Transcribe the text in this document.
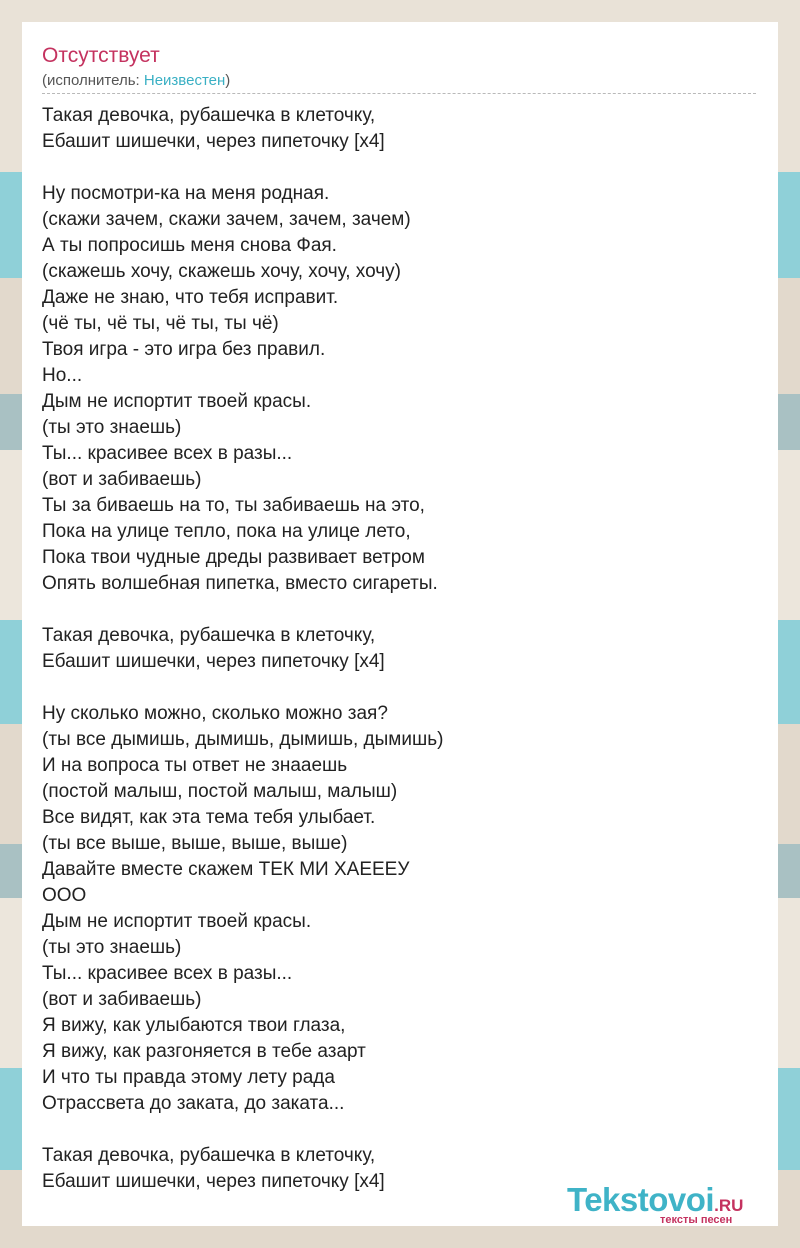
Отсутствует
(исполнитель: Неизвестен)
Такая девочка, рубашечка в клеточку,
Ебашит шишечки, через пипеточку [x4]
Ну посмотри-ка на меня родная.
(скажи зачем, скажи зачем, зачем, зачем)
А ты попросишь меня снова Фая.
(скажешь хочу, скажешь хочу, хочу, хочу)
Даже не знаю, что тебя исправит.
(чё ты, чё ты, чё ты, ты чё)
Твоя игра - это игра без правил.
Но...
Дым не испортит твоей красы.
(ты это знаешь)
Ты... красивее всех в разы...
(вот и забиваешь)
Ты за биваешь на то, ты забиваешь на это,
Пока на улице тепло, пока на улице лето,
Пока твои чудные дреды развивает ветром
Опять волшебная пипетка, вместо сигареты.
Такая девочка, рубашечка в клеточку,
Ебашит шишечки, через пипеточку [x4]
Ну сколько можно, сколько можно зая?
(ты все дымишь, дымишь, дымишь, дымишь)
И на вопроса ты ответ не знааешь
(постой малыш, постой малыш, малыш)
Все видят, как эта тема тебя улыбает.
(ты все выше, выше, выше, выше)
Давайте вместе скажем ТЕК МИ ХАЕЕЕУ
ООО
Дым не испортит твоей красы.
(ты это знаешь)
Ты... красивее всех в разы...
(вот и забиваешь)
Я вижу, как улыбаются твои глаза,
Я вижу, как разгоняется в тебе азарт
И что ты правда этому лету рада
Отрассвета до заката, до заката...
Такая девочка, рубашечка в клеточку,
Ебашит шишечки, через пипеточку [x4]	Tekstovoi.RU
тексты песен
